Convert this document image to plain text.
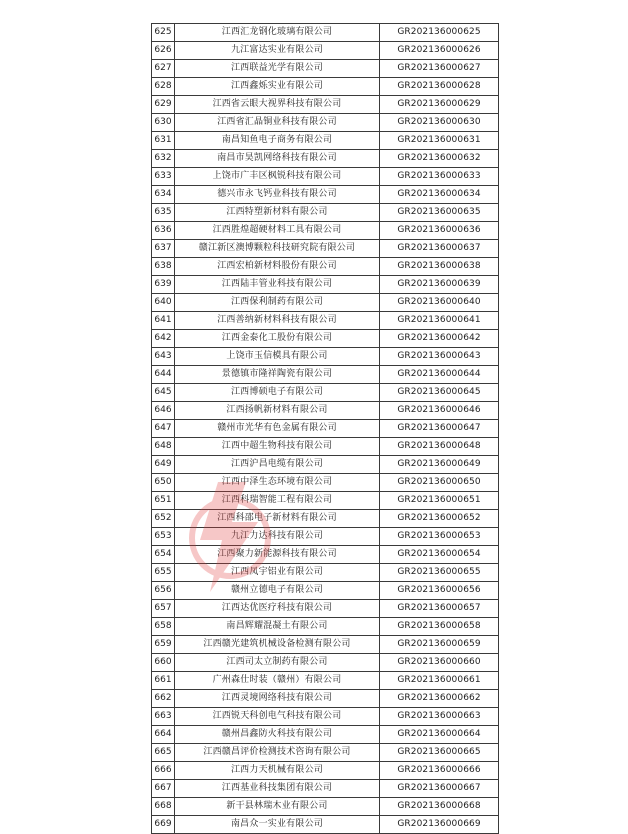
625	江西汇龙钢化玻璃有限公司	GR202136000625
626	九江富达实业有限公司	GR202136000626
627	江西联益光学有限公司	GR202136000627
628	江西鑫烁实业有限公司	GR202136000628
629	江西省云眼大视界科技有限公司	GR202136000629
630	江西省汇晶铜业科技有限公司	GR202136000630
631	南昌知鱼电子商务有限公司	GR202136000631
632	南昌市昊凯网络科技有限公司	GR202136000632
633	上饶市广丰区枫锐科技有限公司	GR202136000633
634	德兴市永飞钙业科技有限公司	GR202136000634
635	江西特塑新材料有限公司	GR202136000635
636	江西胜煌超硬材料工具有限公司	GR202136000636
637	赣江新区澳博颗粒科技研究院有限公司	GR202136000637
638	江西宏柏新材料股份有限公司	GR202136000638
639	江西陆丰管业科技有限公司	GR202136000639
640	江西保利制药有限公司	GR202136000640
641	江西善纳新材料科技有限公司	GR202136000641
642	江西金泰化工股份有限公司	GR202136000642
643	上饶市玉信模具有限公司	GR202136000643
644	景德镇市隆祥陶瓷有限公司	GR202136000644
645	江西博硕电子有限公司	GR202136000645
646	江西扬帆新材料有限公司	GR202136000646
647	赣州市光华有色金属有限公司	GR202136000647
648	江西中超生物科技有限公司	GR202136000648
649	江西沪昌电缆有限公司	GR202136000649
650	江西中泽生态环境有限公司	GR202136000650
651	江西科瑞智能工程有限公司	GR202136000651
652	江西科邵电子新材料有限公司	GR202136000652
653	九江力达科技有限公司	GR202136000653
654	江西聚力新能源科技有限公司	GR202136000654
655	江西凤宇铝业有限公司	GR202136000655
656	赣州立德电子有限公司	GR202136000656
657	江西达优医疗科技有限公司	GR202136000657
658	南昌辉耀混凝土有限公司	GR202136000658
659	江西赣光建筑机械设备检测有限公司	GR202136000659
660	江西司太立制药有限公司	GR202136000660
661	广州森仕时装（赣州）有限公司	GR202136000661
662	江西灵境网络科技有限公司	GR202136000662
663	江西锐天科创电气科技有限公司	GR202136000663
664	赣州昌鑫防火科技有限公司	GR202136000664
665	江西赣昌评价检测技术咨询有限公司	GR202136000665
666	江西力天机械有限公司	GR202136000666
667	江西基业科技集团有限公司	GR202136000667
668	新干县林瑞木业有限公司	GR202136000668
669	南昌众一实业有限公司	GR202136000669
